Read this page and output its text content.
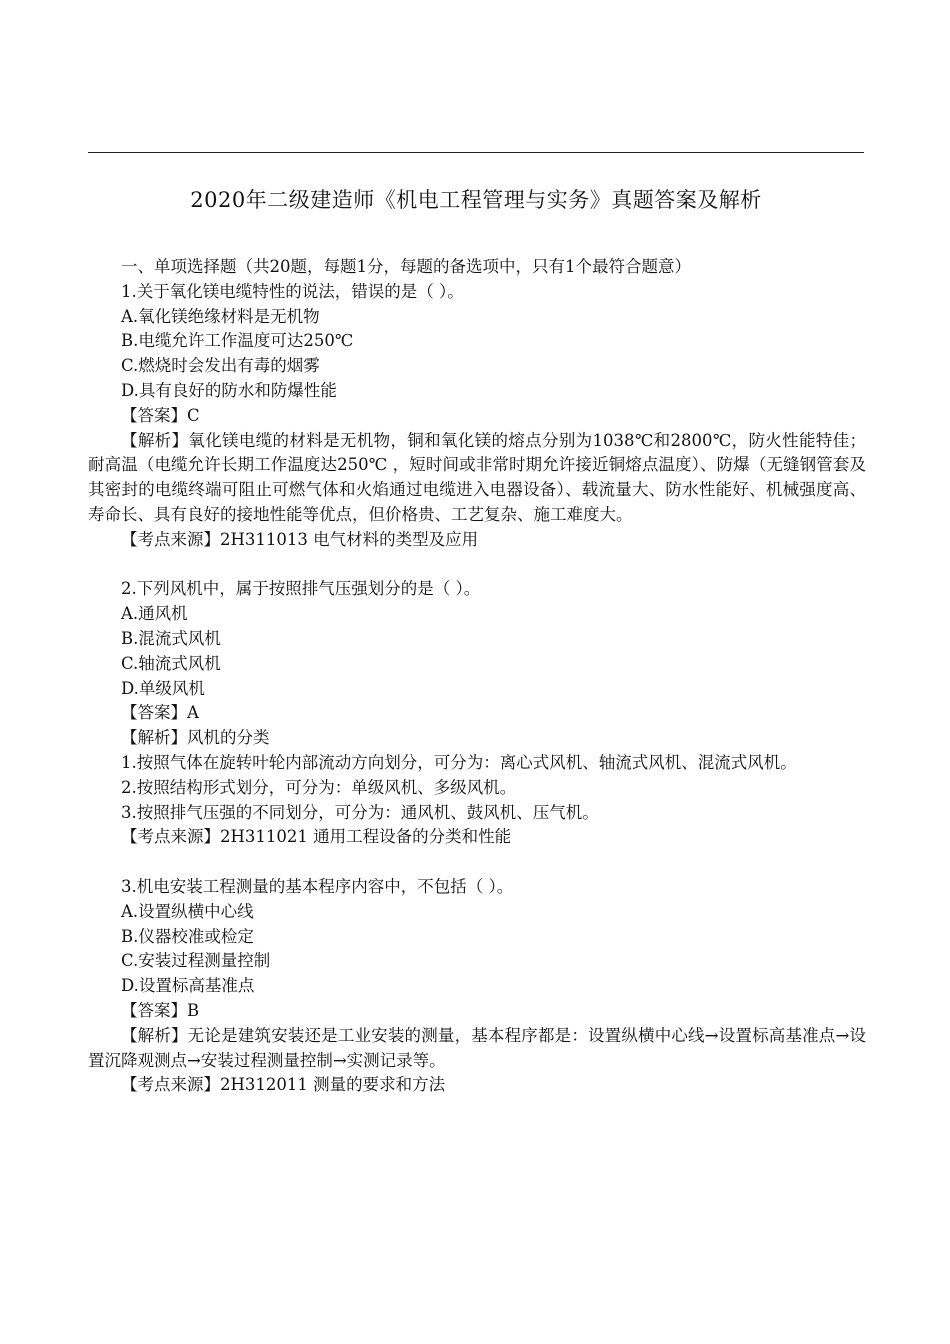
2020年二级建造师《机电工程管理与实务》真题答案及解析

一、单项选择题（共20题，每题1分，每题的备选项中，只有1个最符合题意）

1.关于氧化镁电缆特性的说法，错误的是（ ）。

A.氧化镁绝缘材料是无机物

B.电缆允许工作温度可达250℃

C.燃烧时会发出有毒的烟雾

D.具有良好的防水和防爆性能

【答案】C

【解析】氧化镁电缆的材料是无机物，铜和氧化镁的熔点分别为1038℃和2800℃，防火性能特佳；耐高温（电缆允许长期工作温度达250℃ ，短时间或非常时期允许接近铜熔点温度）、防爆（无缝钢管套及其密封的电缆终端可阻止可燃气体和火焰通过电缆进入电器设备）、载流量大、防水性能好、机械强度高、寿命长、具有良好的接地性能等优点，但价格贵、工艺复杂、施工难度大。

【考点来源】2H311013 电气材料的类型及应用

2.下列风机中，属于按照排气压强划分的是（ ）。

A.通风机

B.混流式风机

C.轴流式风机

D.单级风机

【答案】A

【解析】风机的分类

1.按照气体在旋转叶轮内部流动方向划分，可分为：离心式风机、轴流式风机、混流式风机。

2.按照结构形式划分，可分为：单级风机、多级风机。

3.按照排气压强的不同划分，可分为：通风机、鼓风机、压气机。

【考点来源】2H311021 通用工程设备的分类和性能

3.机电安装工程测量的基本程序内容中，不包括（ ）。

A.设置纵横中心线

B.仪器校准或检定

C.安装过程测量控制

D.设置标高基准点

【答案】B

【解析】无论是建筑安装还是工业安装的测量，基本程序都是：设置纵横中心线→设置标高基准点→设置沉降观测点→安装过程测量控制→实测记录等。

【考点来源】2H312011 测量的要求和方法
